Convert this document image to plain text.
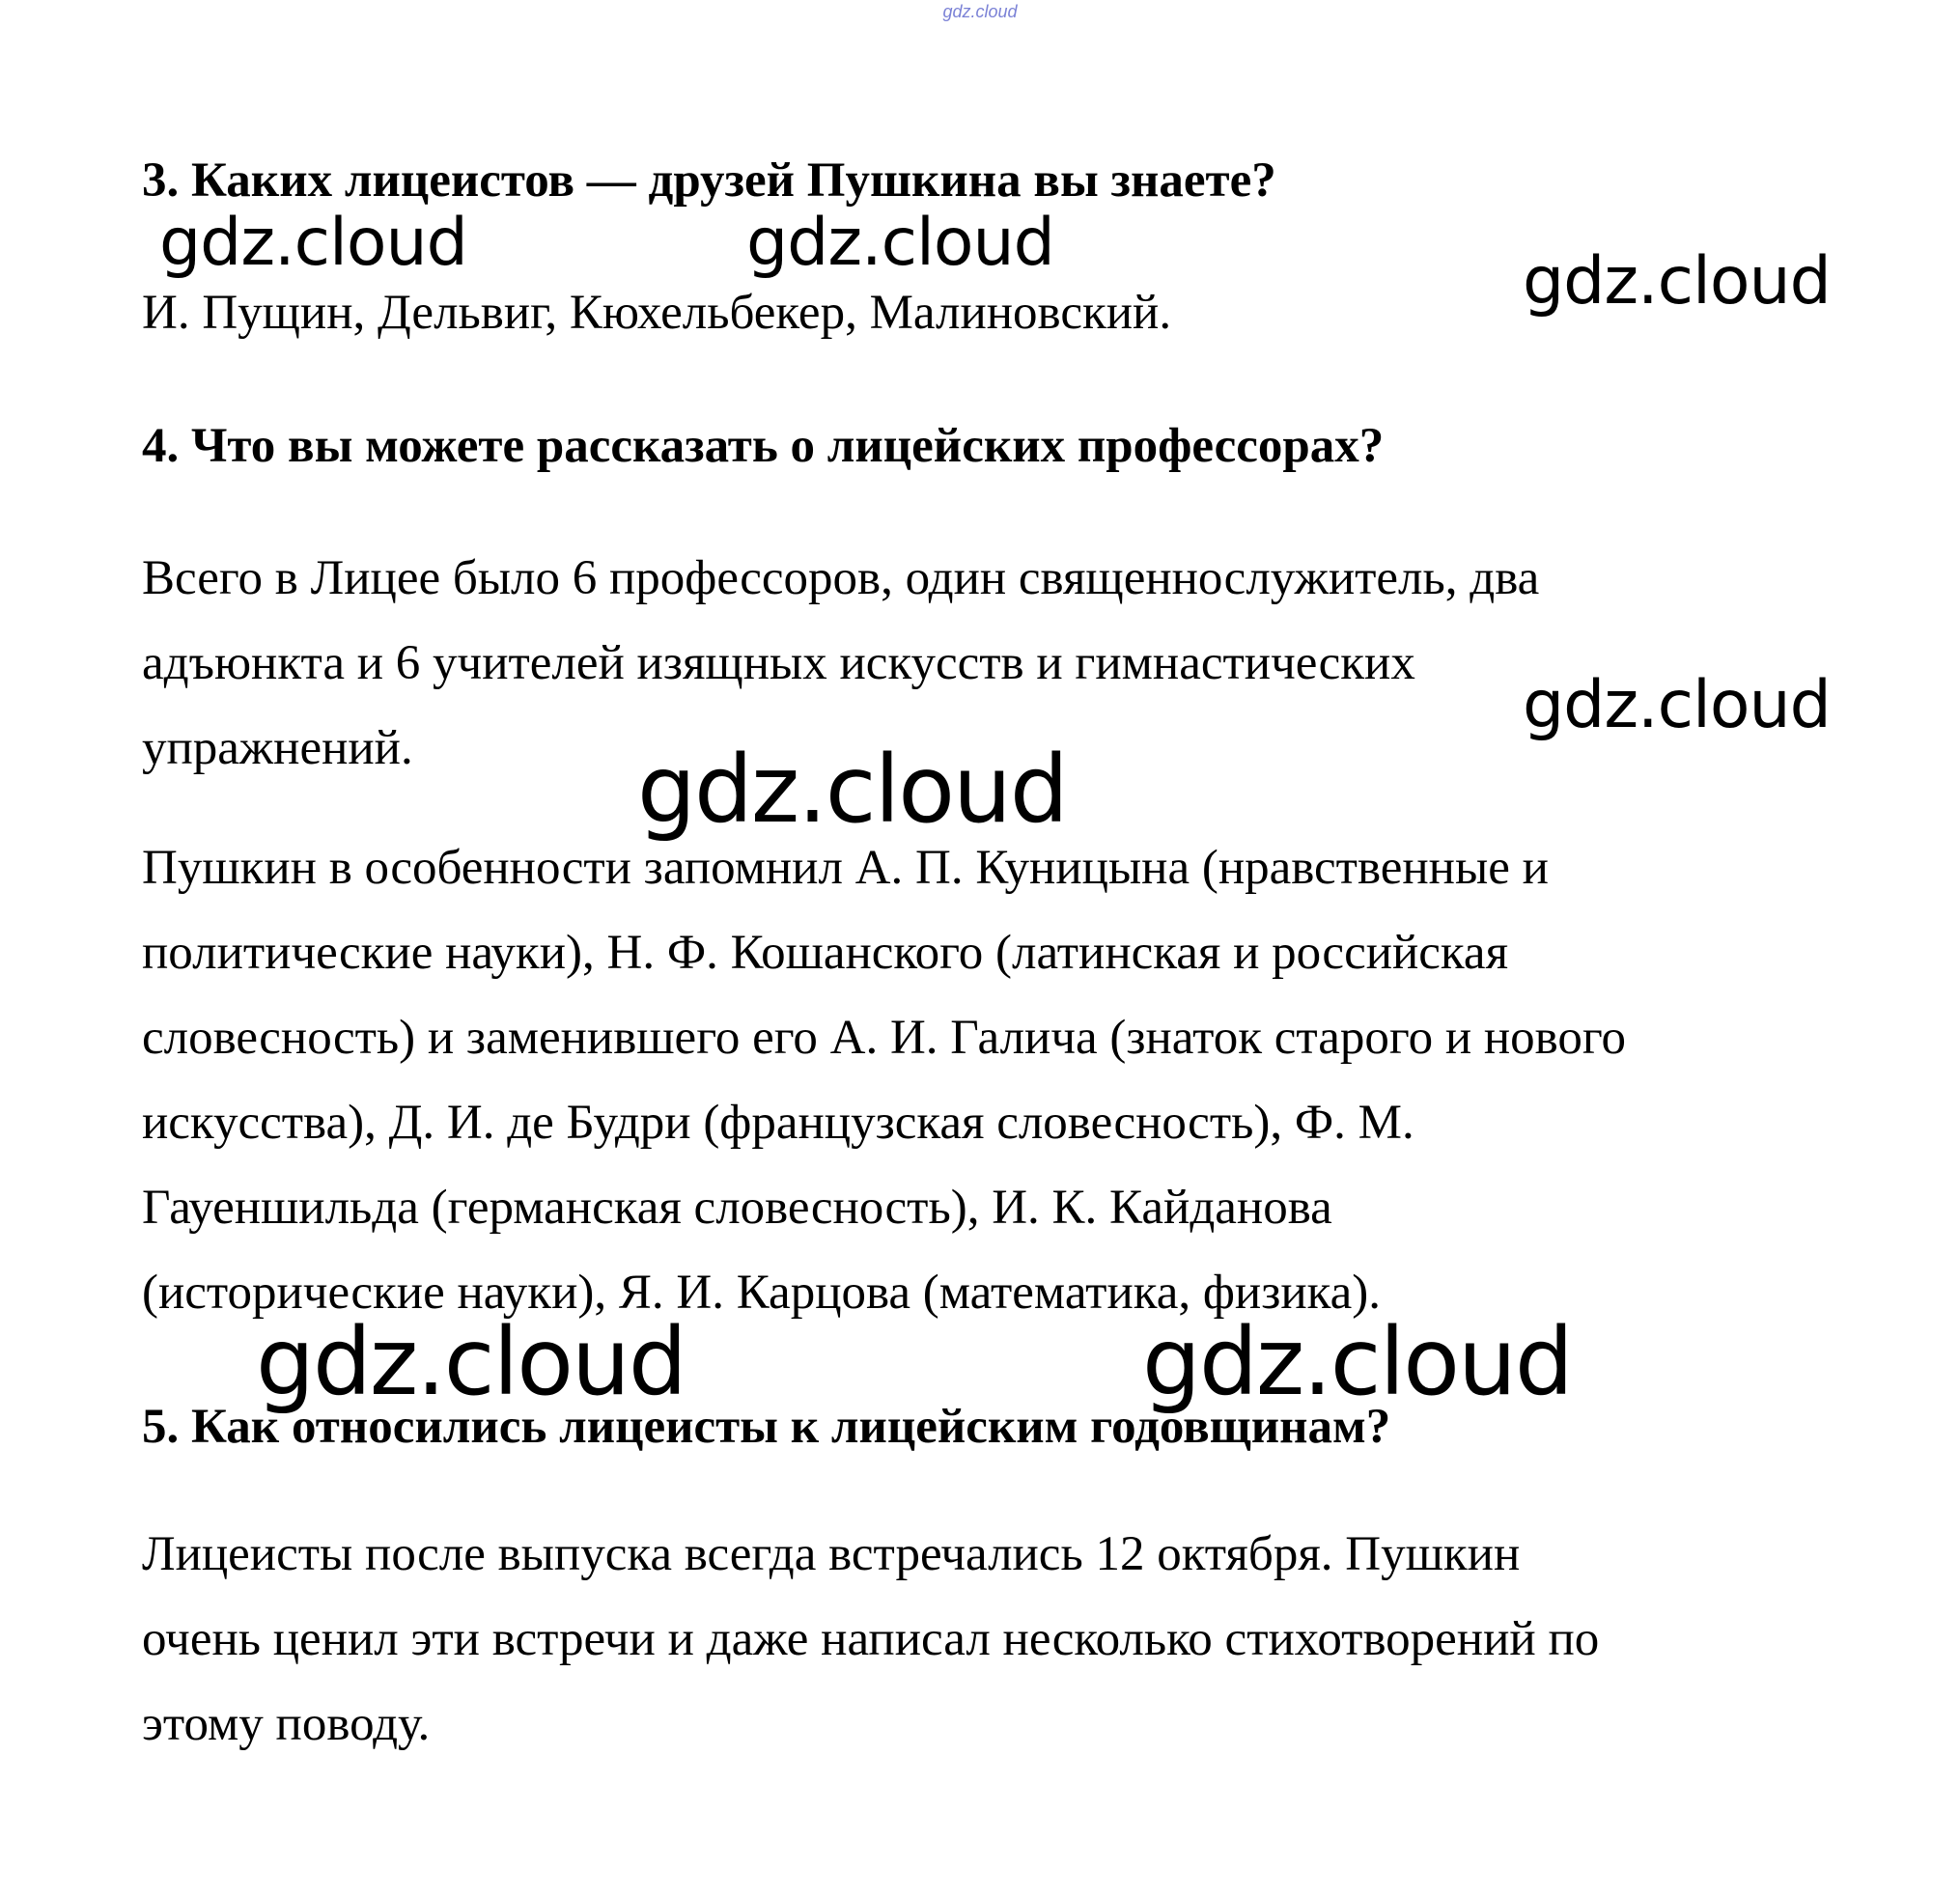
gdz.cloud
3. Каких лицеистов — друзей Пушкина вы знаете?
И. Пущин, Дельвиг, Кюхельбекер, Малиновский.
4. Что вы можете рассказать о лицейских профессорах?
Всего в Лицее было 6 профессоров, один священнослужитель, два
адъюнкта и 6 учителей изящных искусств и гимнастических
упражнений.
Пушкин в особенности запомнил А. П. Куницына (нравственные и
политические науки), Н. Ф. Кошанского (латинская и российская
словесность) и заменившего его А. И. Галича (знаток старого и нового
искусства), Д. И. де Будри (французская словесность), Ф. М.
Гауеншильда (германская словесность), И. К. Кайданова
(исторические науки), Я. И. Карцова (математика, физика).
5. Как относились лицеисты к лицейским годовщинам?
Лицеисты после выпуска всегда встречались 12 октября. Пушкин
очень ценил эти встречи и даже написал несколько стихотворений по
этому поводу.
gdz.cloud	gdz.cloud
gdz.cloud
gdz.cloud
gdz.cloud
gdz.cloud	gdz.cloud
